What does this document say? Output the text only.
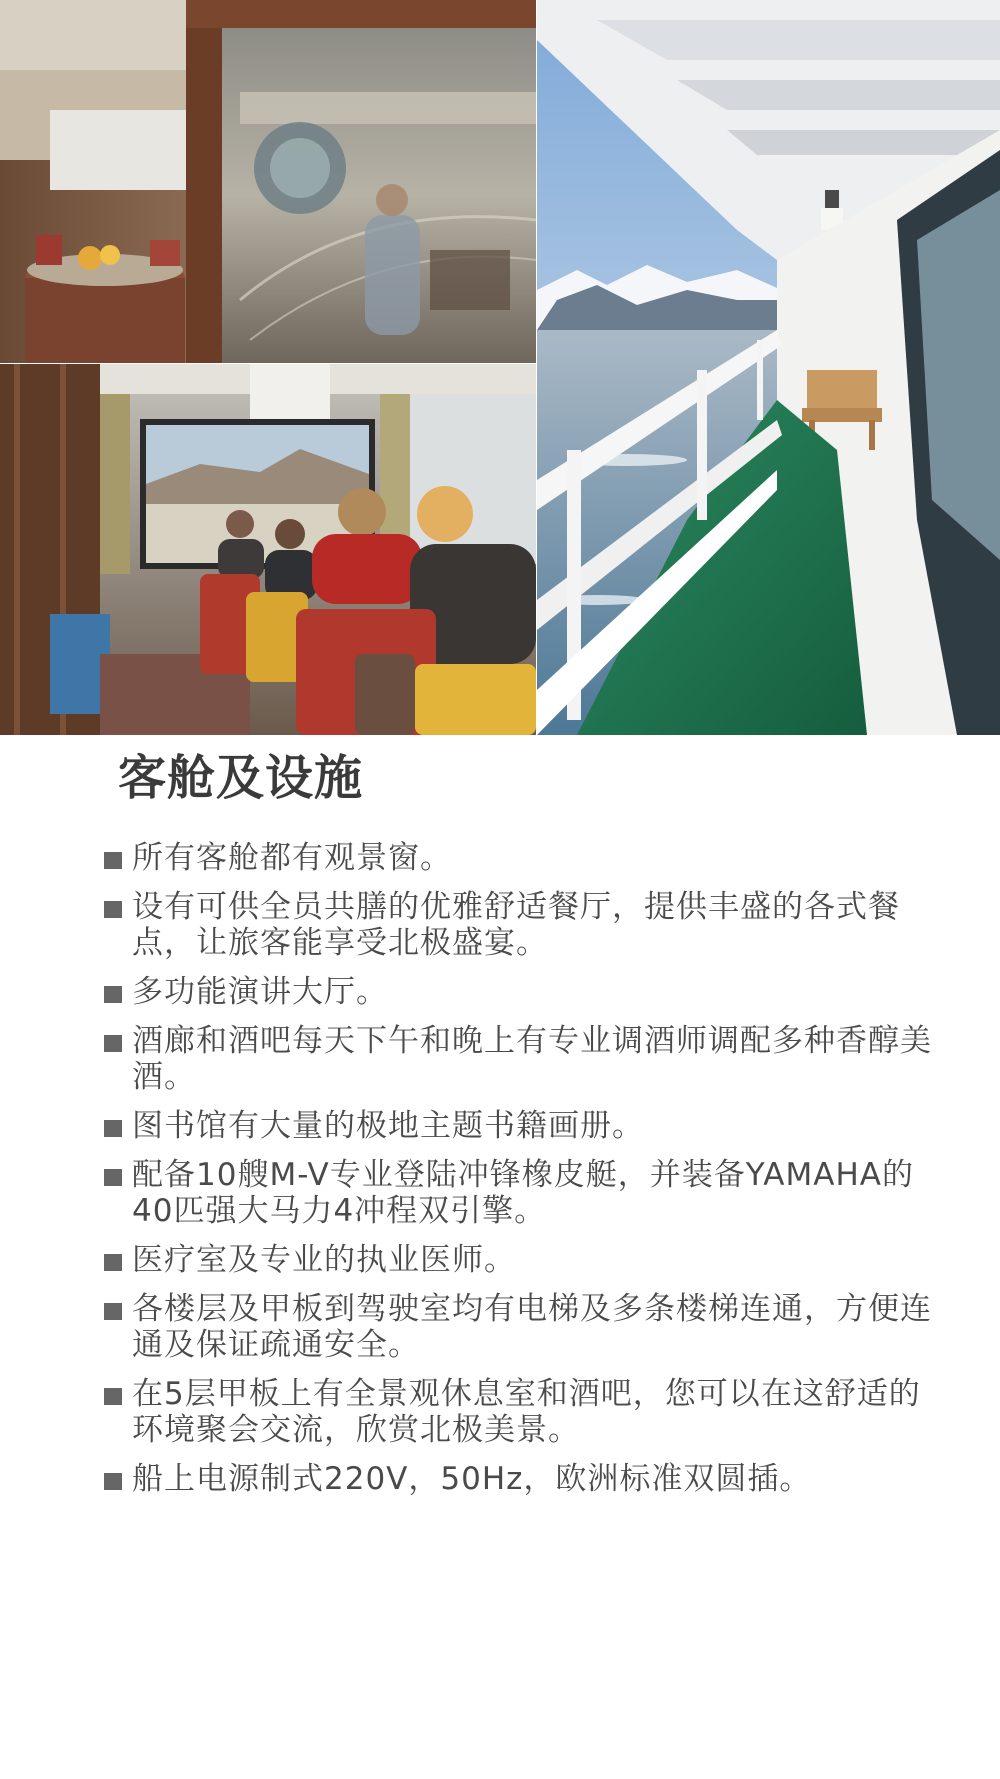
客舱及设施
所有客舱都有观景窗。
设有可供全员共膳的优雅舒适餐厅，提供丰盛的各式餐点，让旅客能享受北极盛宴。
多功能演讲大厅。
酒廊和酒吧每天下午和晚上有专业调酒师调配多种香醇美酒。
图书馆有大量的极地主题书籍画册。
配备10艘M-V专业登陆冲锋橡皮艇，并装备YAMAHA的40匹强大马力4冲程双引擎。
医疗室及专业的执业医师。
各楼层及甲板到驾驶室均有电梯及多条楼梯连通，方便连通及保证疏通安全。
在5层甲板上有全景观休息室和酒吧，您可以在这舒适的环境聚会交流，欣赏北极美景。
船上电源制式220V，50Hz，欧洲标准双圆插。
